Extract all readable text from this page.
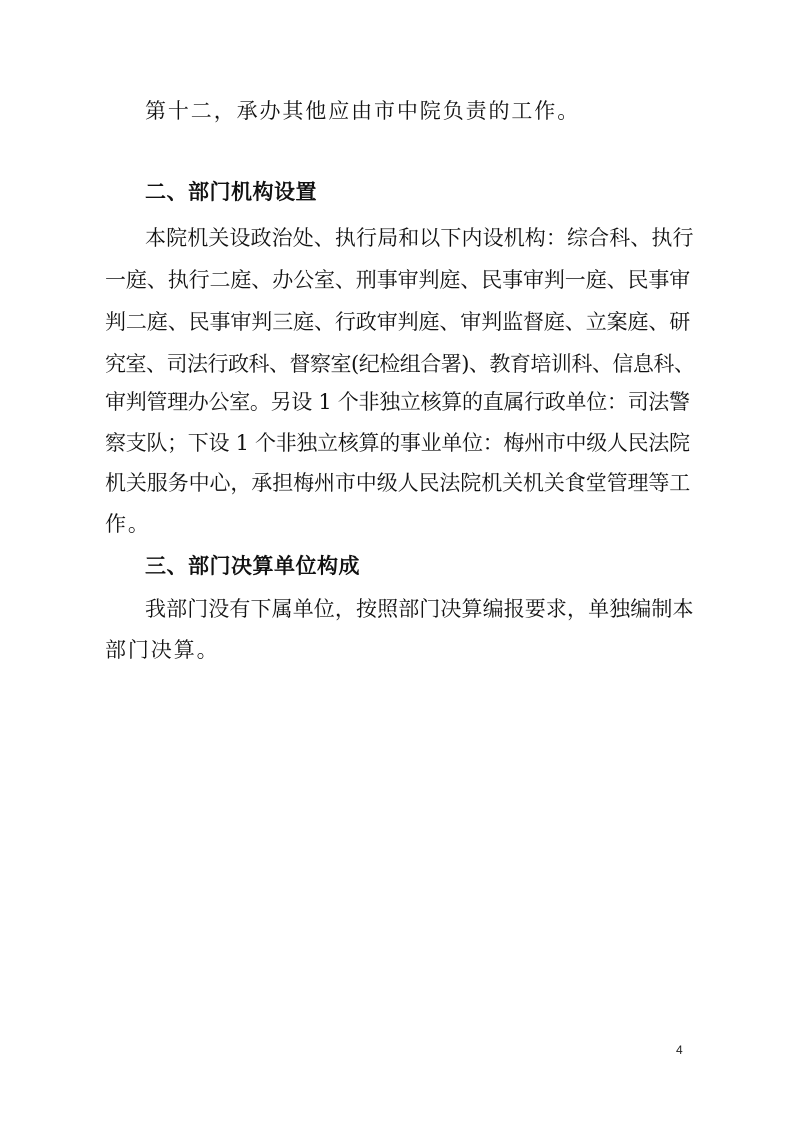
第十二，承办其他应由市中院负责的工作。
二、部门机构设置
本院机关设政治处、执行局和以下内设机构：综合科、执行
一庭、执行二庭、办公室、刑事审判庭、民事审判一庭、民事审
判二庭、民事审判三庭、行政审判庭、审判监督庭、立案庭、研
究室、司法行政科、督察室(纪检组合署)、教育培训科、信息科、
审判管理办公室。另设 1 个非独立核算的直属行政单位：司法警
察支队；下设 1 个非独立核算的事业单位：梅州市中级人民法院
机关服务中心，承担梅州市中级人民法院机关机关食堂管理等工
作。
三、部门决算单位构成
我部门没有下属单位，按照部门决算编报要求，单独编制本
部门决算。
4
